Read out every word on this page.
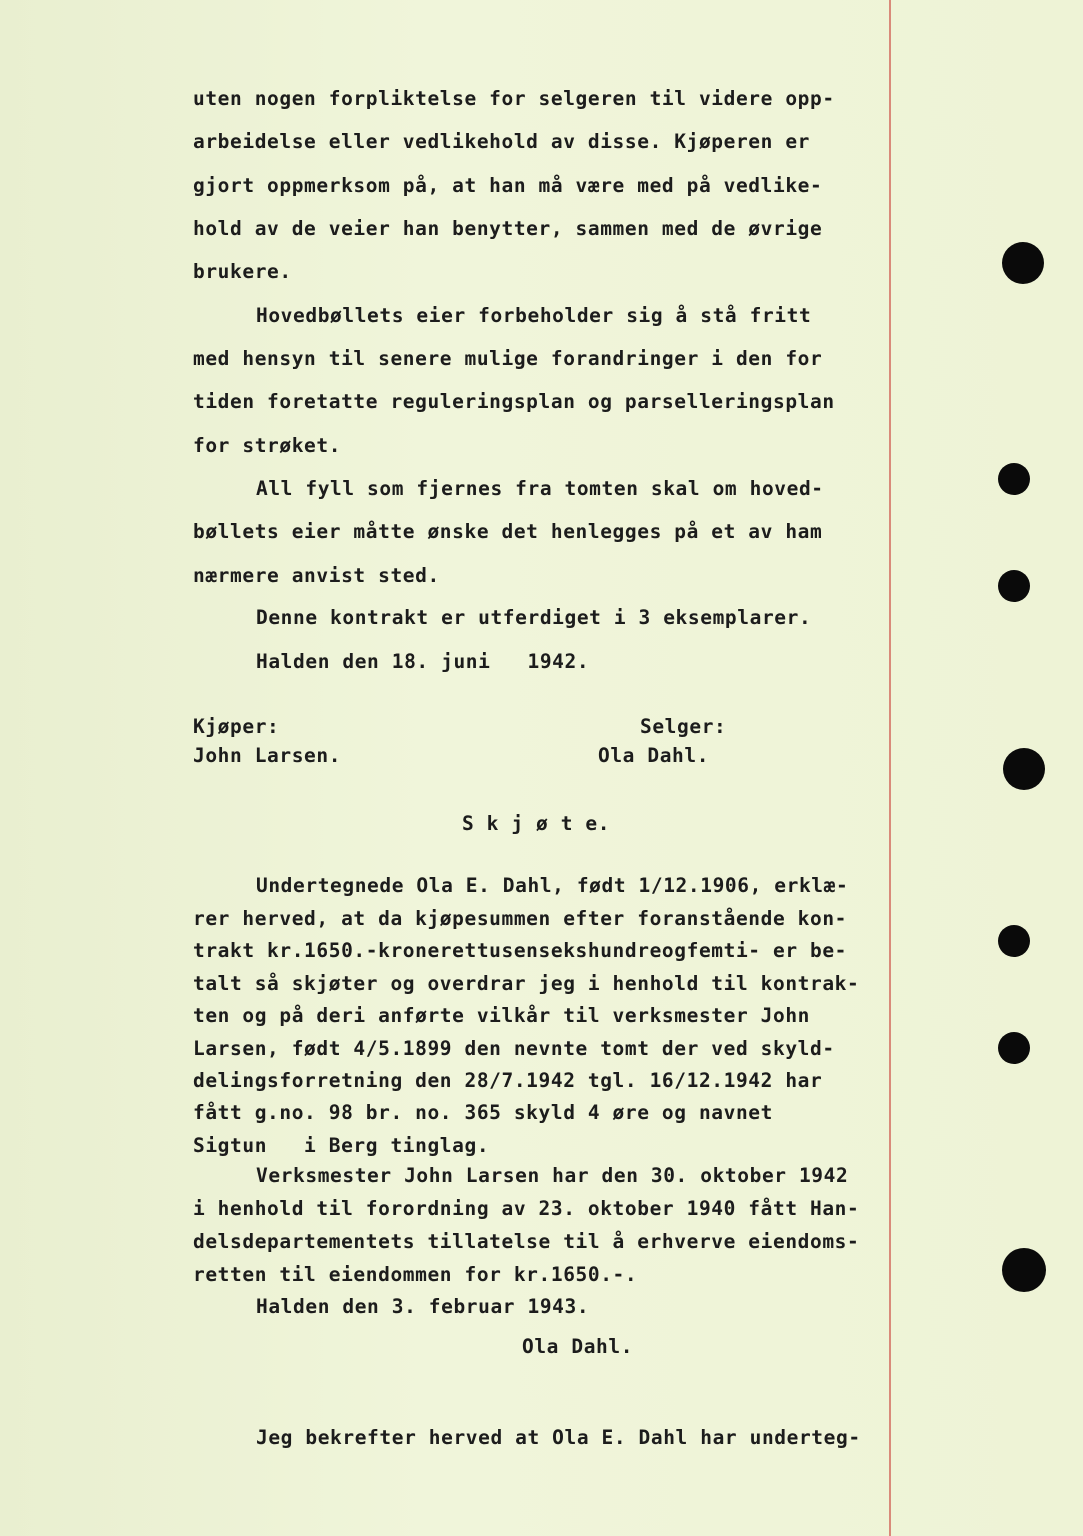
uten nogen forpliktelse for selgeren til videre opp-
arbeidelse eller vedlikehold av disse. Kjøperen er
gjort oppmerksom på, at han må være med på vedlike-
hold av de veier han benytter, sammen med de øvrige
brukere.
Hovedbøllets eier forbeholder sig å stå fritt
med hensyn til senere mulige forandringer i den for
tiden foretatte reguleringsplan og parselleringsplan
for strøket.
All fyll som fjernes fra tomten skal om hoved-
bøllets eier måtte ønske det henlegges på et av ham
nærmere anvist sted.
Denne kontrakt er utferdiget i 3 eksemplarer.
Halden den 18. juni   1942.
Kjøper:
John Larsen.
Selger:
Ola Dahl.
S k j ø t e.
Undertegnede Ola E. Dahl, født 1/12.1906, erklæ-
rer herved, at da kjøpesummen efter foranstående kon-
trakt kr.1650.-kronerettusensekshundreogfemti- er be-
talt så skjøter og overdrar jeg i henhold til kontrak-
ten og på deri anførte vilkår til verksmester John
Larsen, født 4/5.1899 den nevnte tomt der ved skyld-
delingsforretning den 28/7.1942 tgl. 16/12.1942 har
fått g.no. 98 br. no. 365 skyld 4 øre og navnet
Sigtun   i Berg tinglag.
Verksmester John Larsen har den 30. oktober 1942
i henhold til forordning av 23. oktober 1940 fått Han-
delsdepartementets tillatelse til å erhverve eiendoms-
retten til eiendommen for kr.1650.-.
Halden den 3. februar 1943.
Ola Dahl.
Jeg bekrefter herved at Ola E. Dahl har underteg-
